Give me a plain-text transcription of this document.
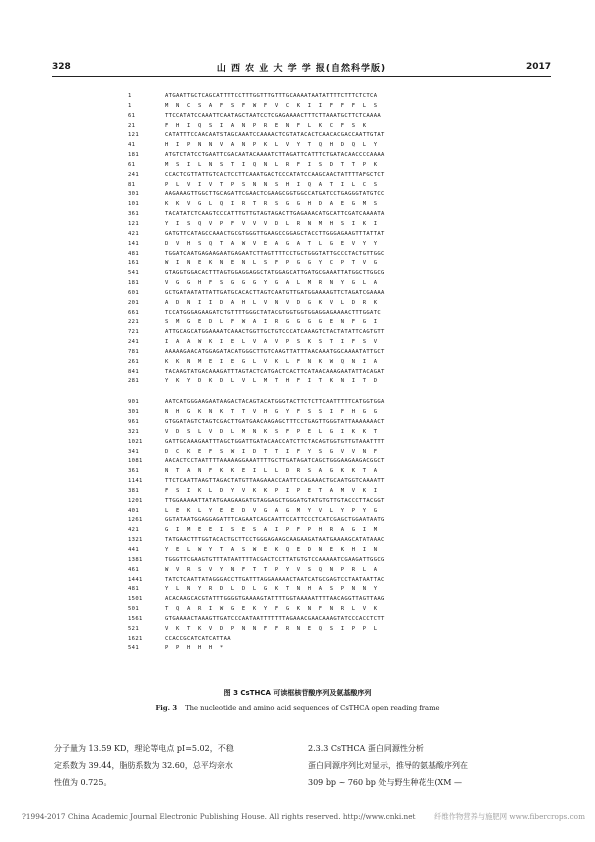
328	山 西 农 业 大 学 学 报(自然科学版)	2017
1	ATGAATTGCTCAGCATTTTCCTTTGGTTTGTTTGCAAAATAATATTTTCTTTCTCTCA
1	M  N  C  S  A  F  S  F  W  F  V  C  K  I  I  F  F  F  L  S
61	TTCCATATCCAAATTCAATAGCTAATCCTCGAGAAAACTTTCTTAAATGCTTCTCAAAA
21	F  H  I  Q  S  I  A  N  P  R  E  N  F  L  K  C  F  S  K
121	CATATTTCCAACAATSTAGCAAATCCAAAACTCGTATACACTCAACACGACCAATTGTAT
41	H  I  P  N  N  V  A  N  P  K  L  V  Y  T  Q  H  D  Q  L  Y
181	ATGTCTATCCTGAATTCGACAATACAAAATCTTAGATTCATTTCTGATACAACCCCAAAA
61	M  S  I  L  N  S  T  I  Q  N  L  R  F  I  S  D  T  T  P  K
241	CCACTCGTTATTGTCACTCCTTCAAATGACTCCCATATCCAAGCAACTATTTTAFGCTCT
81	P  L  V  I  V  T  P  S  N  N  S  H  I  Q  A  T  I  L  C  S
301	AAGAAAGTTGGCTTGCAGATTCGAACTCGAAGCGGTGGCCATGATCCTGAGGGTATGTCC
101	K  K  V  G  L  Q  I  R  T  R  S  G  G  H  D  A  E  G  M  S
361	TACATATCTCAAGTCCCATTTGTTGTAGTAGACTTGAGAAACATGCATTCGATCAAAATA
121	Y  I  S  Q  V  P  F  V  V  V  D  L  R  N  M  H  S  I  K  I
421	GATGTTCATAGCCAAACTGCGTGGGTTGAAGCCGGAGCTACCTTGGGAGAAGTTTATTAT
141	D  V  H  S  Q  T  A  W  V  E  A  G  A  T  L  G  E  V  Y  Y
481	TGGATCAATGAGAAGAATGAGAATCTTAGTTTTCCTGCTGGGTATTGCCCTACTGTTGGC
161	W  I  N  E  K  N  E  N  L  S  F  P  G  G  Y  C  P  T  V  G
541	GTAGGTGGACACTTTAGTGGAGGAGGCTATGGAGCATTGATGCGAAATTATGGCTTGGCG
181	V  G  G  H  F  S  G  G  G  Y  G  A  L  M  R  N  Y  G  L  A
601	GCTGATAATATTATTGATGCACACTTAGTCAATGTTGATGGAAAAGTTCTAGATCGAAAA
201	A  D  N  I  I  D  A  H  L  V  N  V  D  G  K  V  L  D  R  K
661	TCCATGGGAGAAGATCTGTTTTGGGCTATACGTGGTGGTGGAGGAGAAAACTTTGGATC
221	S  M  G  E  D  L  F  W  A  I  R  G  G  G  G  E  N  F  G  I
721	ATTGCAGCATGGAAAATCAAACTGGTTGCTGTCCCATCAAAGTCTACTATATTCAGTGTT
241	I  A  A  W  K  I  E  L  V  A  V  P  S  K  S  T  I  F  S  V
781	AAAAAGAACATGGAGATACATGGGCTTGTCAAGTTATTTAACAAATGGCAAAATATTGCT
261	K  K  N  M  E  I  E  G  L  V  K  L  F  N  K  W  Q  N  I  A
841	TACAAGTATGACAAAGATTTAGTACTCATGACTCACTTCATAACAAAGAATATTACAGAT
281	Y  K  Y  D  K  D  L  V  L  M  T  H  F  I  T  K  N  I  T  D
901	AATCATGGGAAGAATAAGACTACAGTACATGGGTACTTCTCTTCAATTTTTCATGGTGGA
301	N  H  G  K  N  K  T  T  V  H  G  Y  F  S  S  I  F  H  G  G
961	GTGGATAGTCTAGTCGACTTGATGAACAAGAGCTTTCCTGAGTTGGGTATTAAAAAAACT
321	V  D  S  L  V  D  L  M  N  K  S  F  P  E  L  G  I  K  K  T
1021	GATTGCAAAGAATTTAGCTGGATTGATACAACCATCTTCTACAGTGGTGTTGTAAATTTT
341	D  C  K  E  F  S  W  I  D  T  T  I  F  Y  S  G  V  V  N  F
1081	AACACTCCTAATTTTAAAAAGGAAATTTTGCTTGATAGATCAGCTGGGAAGAAGACGGCT
361	N  T  A  N  F  K  K  E  I  L  L  D  R  S  A  G  K  K  T  A
1141	TTCTCAATTAAGTTAGACTATGTTAAGAAACCAATTCCAGAAACTGCAATGGTCAAAATT
381	F  S  I  K  L  D  Y  V  K  K  P  I  P  E  T  A  M  V  K  I
1201	TTGGAAAAATTATATGAAGAAGATGTAGGAGCTGGGATGTATGTGTTGTACCCTTACGGT
401	L  E  K  L  Y  E  E  D  V  G  A  G  M  Y  V  L  Y  P  Y  G
1261	GGTATAATGGAGGAGATTTCAGAATCAGCAATTCCATTCCCTCATCGAGCTGGAATAATG
421	G  I  M  E  E  I  S  E  S  A  I  P  F  P  H  R  A  G  I  M
1321	TATGAACTTTGGTACACTGCTTCCTGGGAGAAGCAAGAAGATAATGAAAAGCATATAAAC
441	Y  E  L  W  Y  T  A  S  W  E  K  Q  E  D  N  E  K  H  I  N
1381	TGGGTTCGAAGTGTTTATAATTTTACGACTCCTTATGTGTCCAAAAATCGAAGATTGGCG
461	W  V  R  S  V  Y  N  F  T  T  P  Y  V  S  Q  N  P  R  L  A
1441	TATCTCAATTATAGGGACCTTGATTTAGGAAAAACTAATCATGCGAGTCCTAATAATTAC
481	Y  L  N  Y  R  D  L  D  L  G  K  T  N  H  A  S  P  N  N  Y
1501	ACACAAGCACGTATTTGGGGTGAAAAGTATTTTGGTAAAAATTTTAACAGGTTAGTTAAG
501	T  Q  A  R  I  W  G  E  K  Y  F  G  K  N  F  N  R  L  V  K
1561	GTGAAAACTAAAGTTGATCCCAATAATTTTTTTAGAAACGAACAAAGTATCCCACCTCTT
521	V  K  T  K  V  D  P  N  N  F  F  R  N  E  Q  S  I  P  P  L
1621	CCACCGCATCATCATTAA
541	P  P  H  H  H  *
图 3 CsTHCA 可读框核苷酸序列及氨基酸序列
Fig. 3 The nucleotide and amino acid sequences of CsTHCA open reading frame
分子量为 13.59 KD，理论等电点 pI=5.02，不稳
定系数为 39.44，脂肪系数为 32.60，总平均亲水
性值为 0.725。
2.3.3 CsTHCA 蛋白同源性分析
蛋白同源序列比对显示，推导的氨基酸序列在
309 bp ~ 760 bp 处与野生种花生(XM —
?1994-2017 China Academic Journal Electronic Publishing House. All rights reserved. http://www.cnki.net	纤维作物营养与施肥网 www.fibercrops.com
